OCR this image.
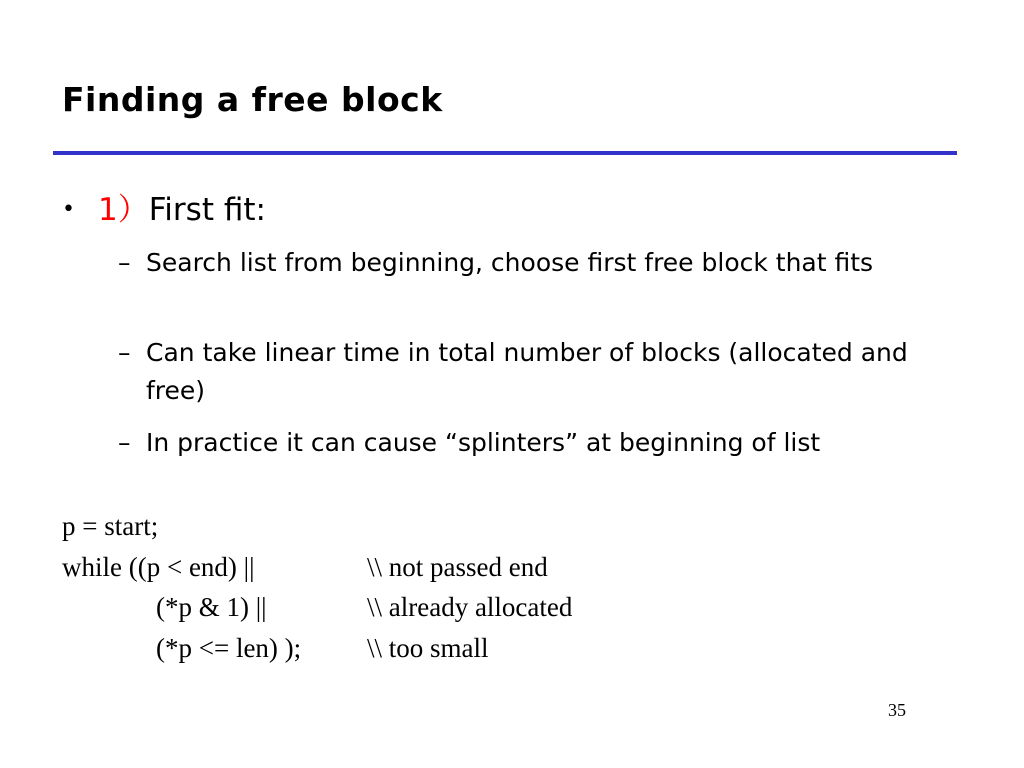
Finding a free block
• 1）First fit:
– Search list from beginning, choose first free block that fits
– Can take linear time in total number of blocks (allocated and free)
– In practice it can cause “splinters” at beginning of list
p = start;
while ((p < end) ||	\\ not passed end
(*p & 1) ||	\\ already allocated
(*p <= len) ); \\ too small
35
